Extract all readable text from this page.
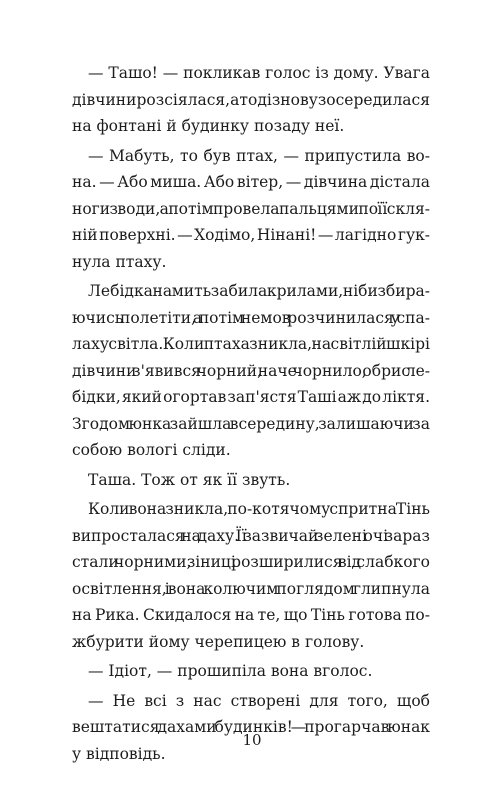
— Ташо! — покликав голос із дому. Увага
дівчини розсіялася, а тоді знову зосередилася
на фонтані й будинку позаду неї.

— Мабуть, то був птах, — припустила во-
на. — Або миша. Або вітер, — дівчина дістала
ноги з води, а потім провела пальцями по її скля-
ній поверхні. — Ходімо, Нінані! — лагідно гук-
нула птаху.

Лебідка на мить забила крилами, ніби збира-
ючись полетіти, а потім немов розчинилася у спа-
лаху світла. Коли птаха зникла, на світлій шкірі
дівчини з'явився чорний, наче чорнило, обрис ле-
бідки, який огортав зап'ястя Таші аж до ліктя.
Згодом юнка зайшла всередину, залишаючи за
собою вологі сліди.

Таша. Тож от як її звуть.

Коли вона зникла, по-котячому спритна Тінь
випросталася на даху. Її зазвичай зелені очі зараз
стали чорними, зіниці розширилися від слабкого
освітлення, і вона колючим поглядом глипнула
на Рика. Скидалося на те, що Тінь готова по-
жбурити йому черепицею в голову.

— Ідіот, — прошипіла вона вголос.

— Не всі з нас створені для того, щоб
вештатися дахами будинків! — прогарчав юнак
у відповідь.

10
